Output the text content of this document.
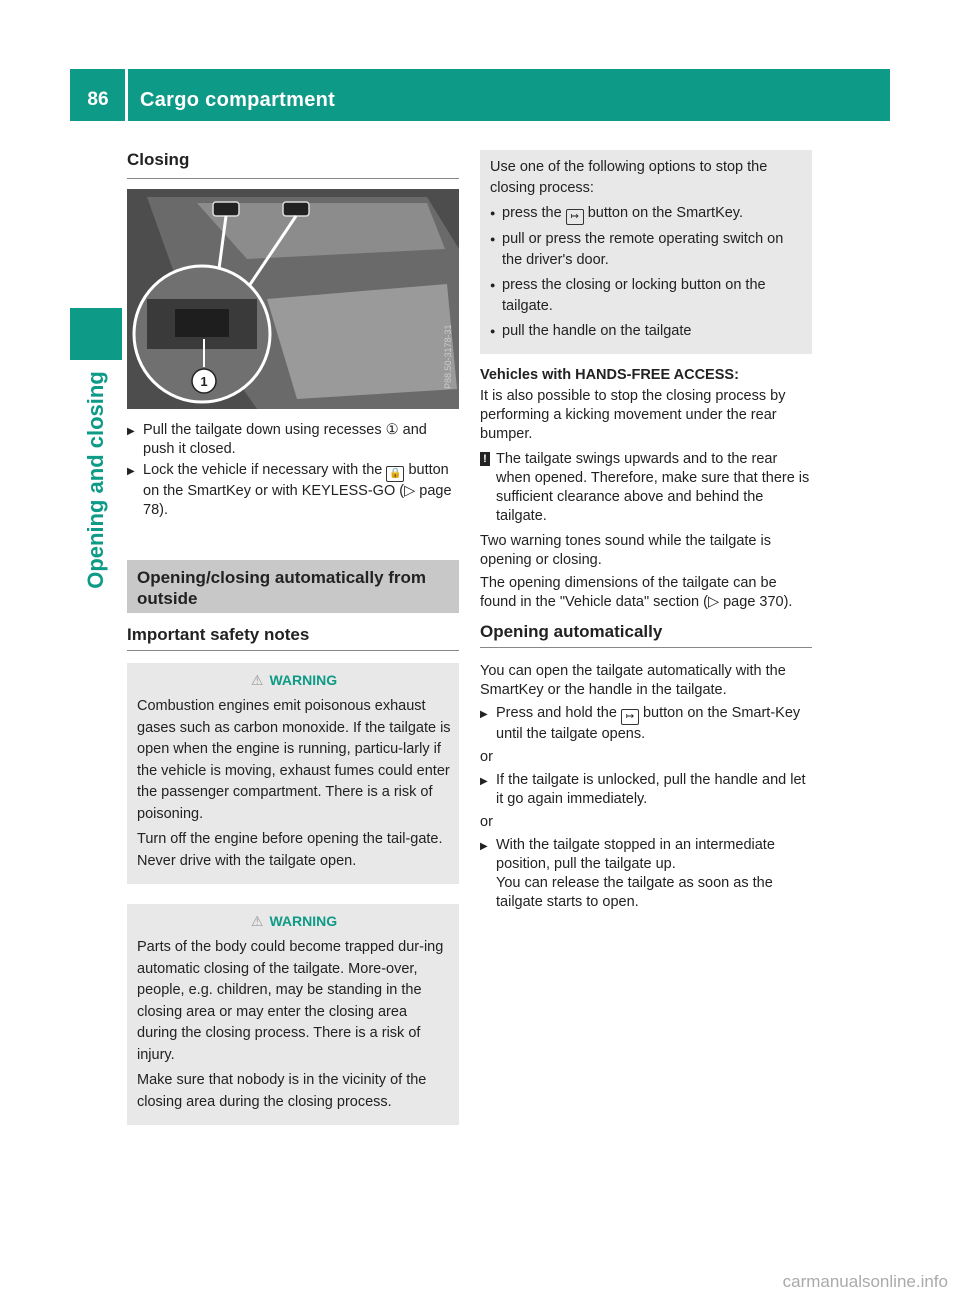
86	Cargo compartment
Opening and closing
Closing
1	P88.50-3178-31

▶ Pull the tailgate down using recesses ① and push it closed.

▶ Lock the vehicle if necessary with the 🔒 button on the SmartKey or with KEYLESS-GO (▷ page 78).

Opening/closing automatically from outside
Important safety notes
⚠ WARNING

Combustion engines emit poisonous exhaust gases such as carbon monoxide. If the tailgate is open when the engine is running, particu-larly if the vehicle is moving, exhaust fumes could enter the passenger compartment. There is a risk of poisoning.

Turn off the engine before opening the tail-gate. Never drive with the tailgate open.

⚠ WARNING

Parts of the body could become trapped dur-ing automatic closing of the tailgate. More-over, people, e.g. children, may be standing in the closing area or may enter the closing area during the closing process. There is a risk of injury.

Make sure that nobody is in the vicinity of the closing area during the closing process.

Use one of the following options to stop the closing process:

● press the ↦ button on the SmartKey.

● pull or press the remote operating switch on the driver's door.

● press the closing or locking button on the tailgate.

● pull the handle on the tailgate

Vehicles with HANDS-FREE ACCESS:

It is also possible to stop the closing process by performing a kicking movement under the rear bumper.

! The tailgate swings upwards and to the rear when opened. Therefore, make sure that there is sufficient clearance above and behind the tailgate.

Two warning tones sound while the tailgate is opening or closing.

The opening dimensions of the tailgate can be found in the "Vehicle data" section (▷ page 370).

Opening automatically

You can open the tailgate automatically with the SmartKey or the handle in the tailgate.

▶ Press and hold the ↦ button on the Smart-Key until the tailgate opens.

or

▶ If the tailgate is unlocked, pull the handle and let it go again immediately.

or

▶ With the tailgate stopped in an intermediate position, pull the tailgate up.

You can release the tailgate as soon as the tailgate starts to open.

carmanualsonline.info
